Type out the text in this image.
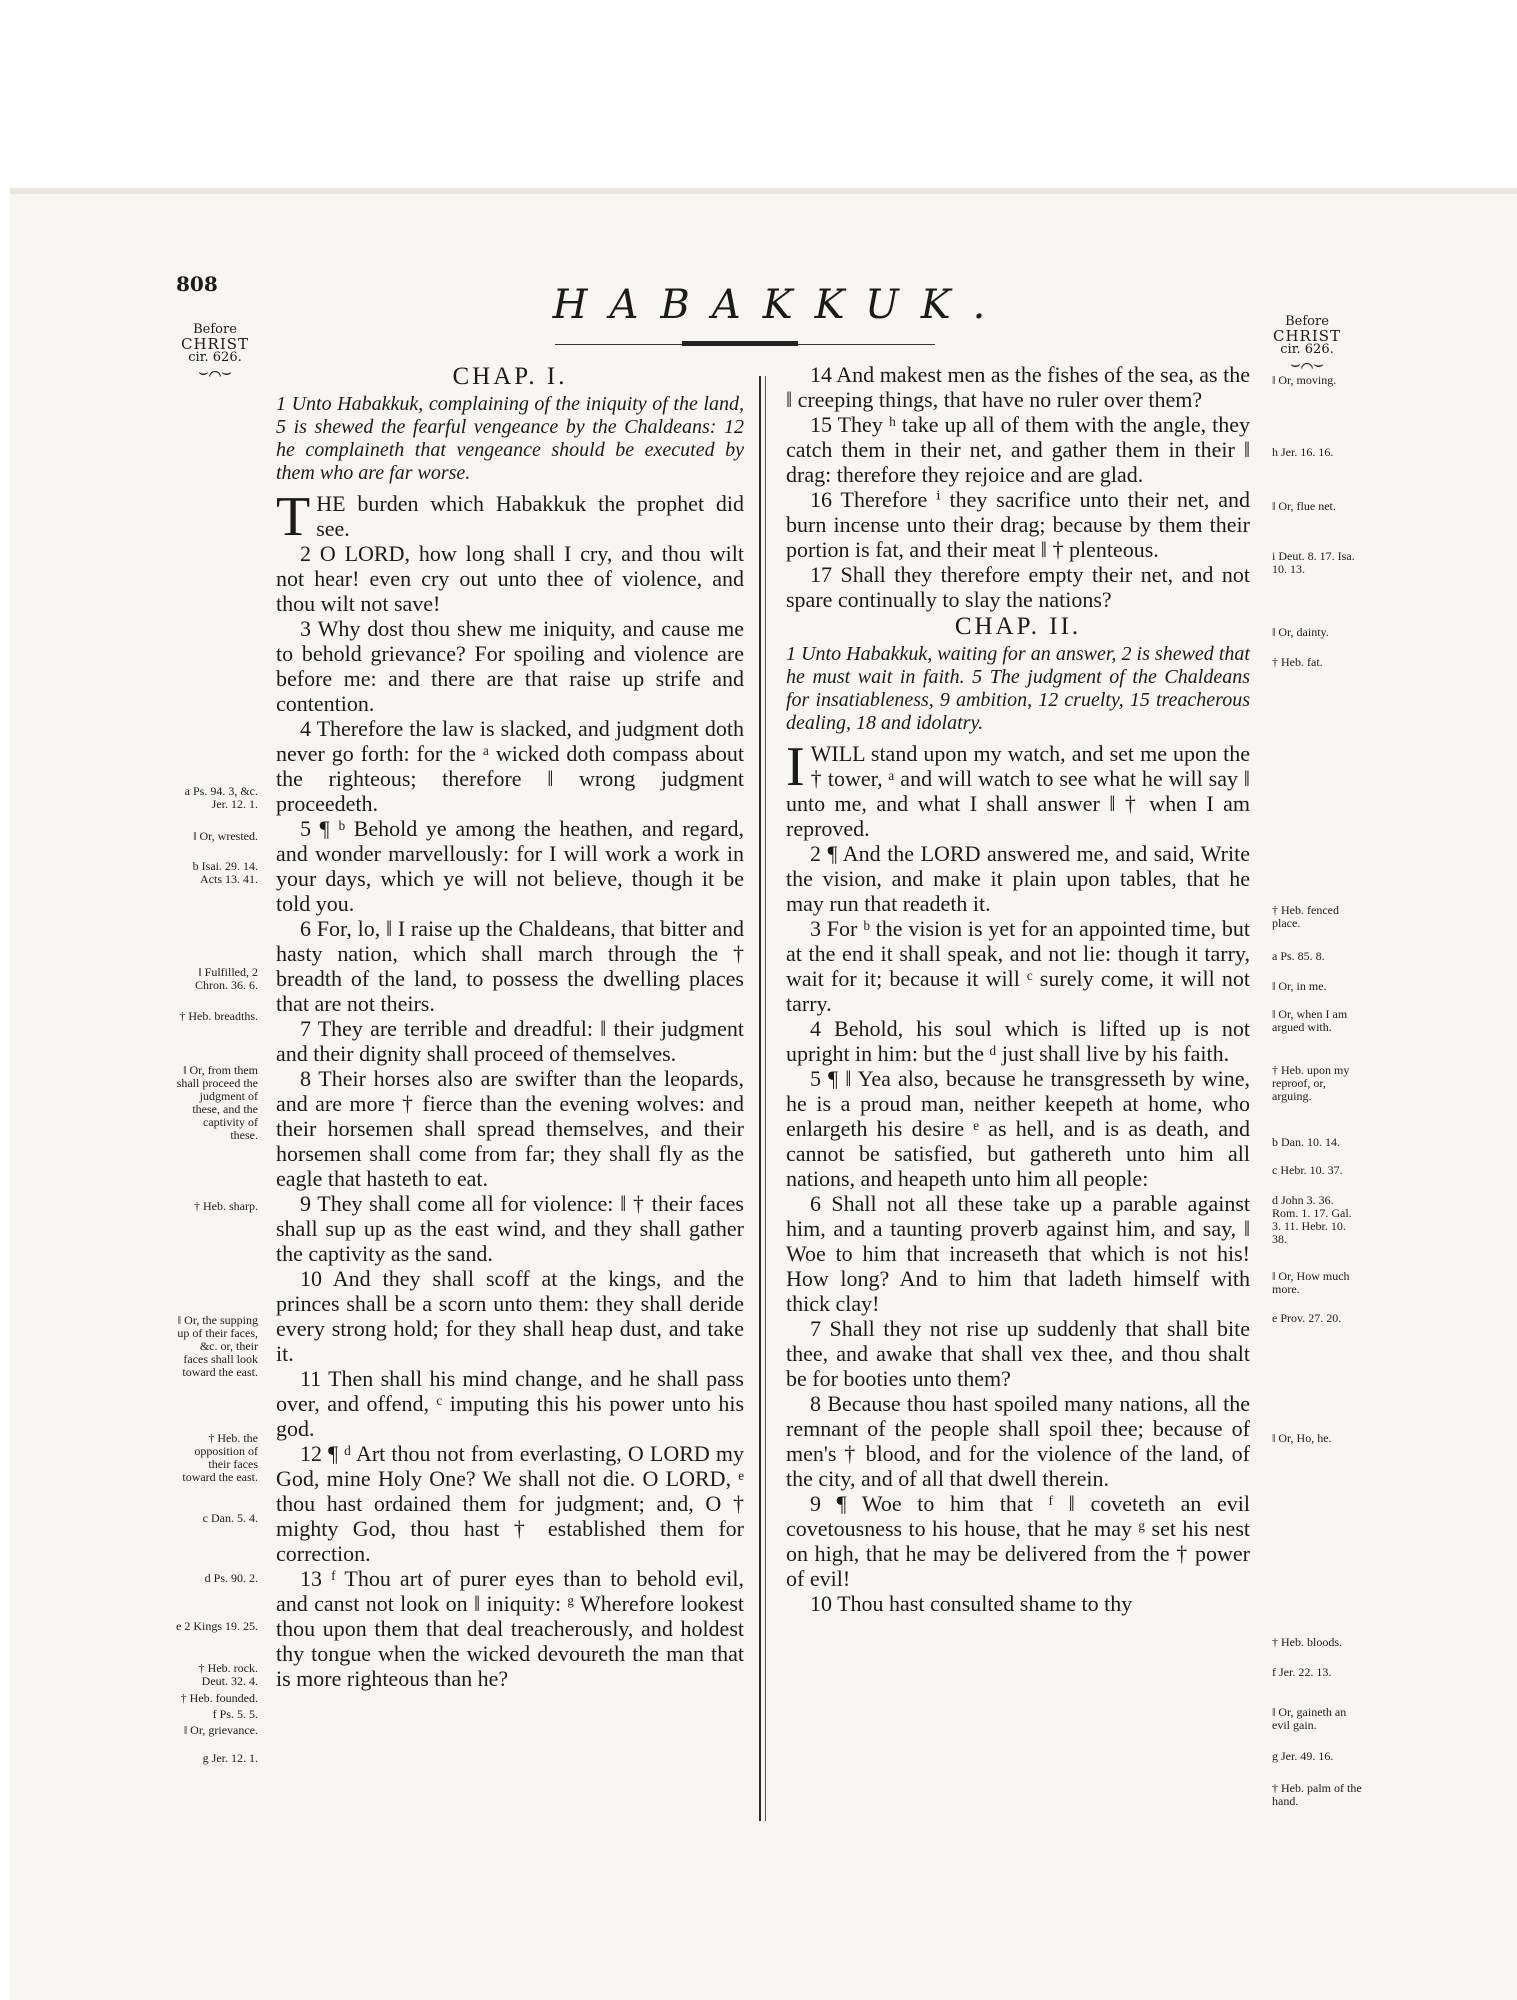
808	HABAKKUK.
Before
CHRIST
cir. 626.
⌣⌒⌣
Before
CHRIST
cir. 626.
⌣⌒⌣
CHAP. I.

1 Unto Habakkuk, complaining of the iniquity of the land, 5 is shewed the fearful vengeance by the Chaldeans: 12 he complaineth that vengeance should be executed by them who are far worse.

T HE burden which Habakkuk the prophet did see.

2 O LORD, how long shall I cry, and thou wilt not hear! even cry out unto thee of violence, and thou wilt not save!

3 Why dost thou shew me iniquity, and cause me to behold grievance? For spoiling and violence are before me: and there are that raise up strife and contention.

4 Therefore the law is slacked, and judgment doth never go forth: for the ᵃ wicked doth compass about the righteous; therefore ‖ wrong judgment proceedeth.

5 ¶ ᵇ Behold ye among the heathen, and regard, and wonder marvellously: for I will work a work in your days, which ye will not believe, though it be told you.

6 For, lo, ‖ I raise up the Chaldeans, that bitter and hasty nation, which shall march through the † breadth of the land, to possess the dwelling places that are not theirs.

7 They are terrible and dreadful: ‖ their judgment and their dignity shall proceed of themselves.

8 Their horses also are swifter than the leopards, and are more † fierce than the evening wolves: and their horsemen shall spread themselves, and their horsemen shall come from far; they shall fly as the eagle that hasteth to eat.

9 They shall come all for violence: ‖ † their faces shall sup up as the east wind, and they shall gather the captivity as the sand.

10 And they shall scoff at the kings, and the princes shall be a scorn unto them: they shall deride every strong hold; for they shall heap dust, and take it.

11 Then shall his mind change, and he shall pass over, and offend, ᶜ imputing this his power unto his god.

12 ¶ ᵈ Art thou not from everlasting, O LORD my God, mine Holy One? We shall not die. O LORD, ᵉ thou hast ordained them for judgment; and, O † mighty God, thou hast † established them for correction.

13 ᶠ Thou art of purer eyes than to behold evil, and canst not look on ‖ iniquity: ᵍ Wherefore lookest thou upon them that deal treacherously, and holdest thy tongue when the wicked devoureth the man that is more righteous than he?

14 And makest men as the fishes of the sea, as the ‖ creeping things, that have no ruler over them?

15 They ʰ take up all of them with the angle, they catch them in their net, and gather them in their ‖ drag: therefore they rejoice and are glad.

16 Therefore ⁱ they sacrifice unto their net, and burn incense unto their drag; because by them their portion is fat, and their meat ‖ † plenteous.

17 Shall they therefore empty their net, and not spare continually to slay the nations?

CHAP. II.

1 Unto Habakkuk, waiting for an answer, 2 is shewed that he must wait in faith. 5 The judgment of the Chaldeans for insatiableness, 9 ambition, 12 cruelty, 15 treacherous dealing, 18 and idolatry.

I WILL stand upon my watch, and set me upon the † tower, ᵃ and will watch to see what he will say ‖ unto me, and what I shall answer ‖ † when I am reproved.

2 ¶ And the LORD answered me, and said, Write the vision, and make it plain upon tables, that he may run that readeth it.

3 For ᵇ the vision is yet for an appointed time, but at the end it shall speak, and not lie: though it tarry, wait for it; because it will ᶜ surely come, it will not tarry.

4 Behold, his soul which is lifted up is not upright in him: but the ᵈ just shall live by his faith.

5 ¶ ‖ Yea also, because he transgresseth by wine, he is a proud man, neither keepeth at home, who enlargeth his desire ᵉ as hell, and is as death, and cannot be satisfied, but gathereth unto him all nations, and heapeth unto him all people:

6 Shall not all these take up a parable against him, and a taunting proverb against him, and say, ‖ Woe to him that increaseth that which is not his! How long? And to him that ladeth himself with thick clay!

7 Shall they not rise up suddenly that shall bite thee, and awake that shall vex thee, and thou shalt be for booties unto them?

8 Because thou hast spoiled many nations, all the remnant of the people shall spoil thee; because of men's † blood, and for the violence of the land, of the city, and of all that dwell therein.

9 ¶ Woe to him that ᶠ ‖ coveteth an evil covetousness to his house, that he may ᵍ set his nest on high, that he may be delivered from the † power of evil!

10 Thou hast consulted shame to thy

a Ps. 94. 3, &c. Jer. 12. 1.
‖ Or, wrested.
b Isai. 29. 14. Acts 13. 41.
‖ Fulfilled, 2 Chron. 36. 6.
† Heb. breadths.
‖ Or, from them shall proceed the judgment of these, and the captivity of these.
† Heb. sharp.
‖ Or, the supping up of their faces, &c. or, their faces shall look toward the east.
† Heb. the opposition of their faces toward the east.
c Dan. 5. 4.
d Ps. 90. 2.
e 2 Kings 19. 25.
† Heb. rock. Deut. 32. 4.
† Heb. founded.
f Ps. 5. 5.
‖ Or, grievance.
g Jer. 12. 1.
‖ Or, moving.
h Jer. 16. 16.
‖ Or, flue net.
i Deut. 8. 17. Isa. 10. 13.
‖ Or, dainty.
† Heb. fat.
† Heb. fenced place.
a Ps. 85. 8.
‖ Or, in me.
‖ Or, when I am argued with.
† Heb. upon my reproof, or, arguing.
b Dan. 10. 14.
c Hebr. 10. 37.
d John 3. 36. Rom. 1. 17. Gal. 3. 11. Hebr. 10. 38.
‖ Or, How much more.
e Prov. 27. 20.
‖ Or, Ho, he.
† Heb. bloods.
f Jer. 22. 13.
‖ Or, gaineth an evil gain.
g Jer. 49. 16.
† Heb. palm of the hand.
